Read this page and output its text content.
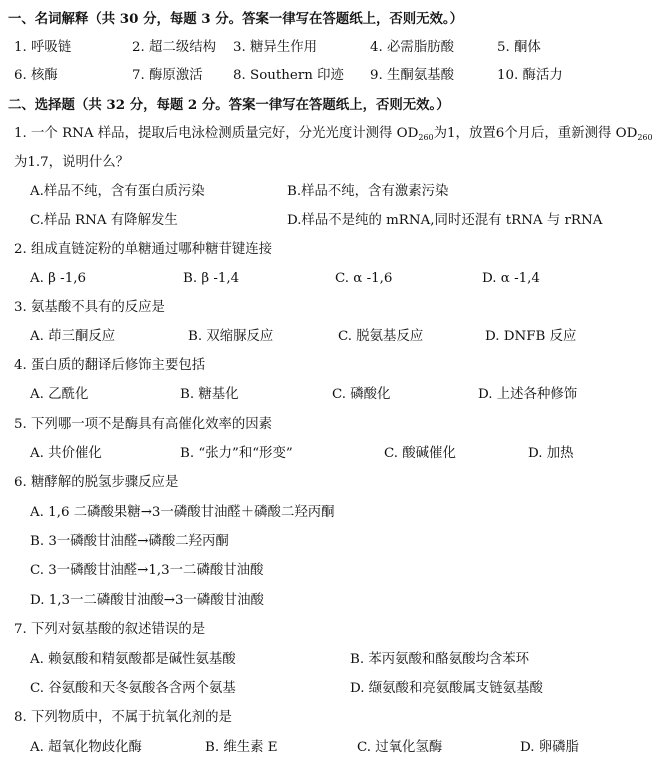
一、名词解释（共 30 分，每题 3 分。答案一律写在答题纸上，否则无效。）
1. 呼吸链	2. 超二级结构 3. 糖异生作用	4. 必需脂肪酸	5. 酮体
6. 核酶	7. 酶原激活 8. Southern 印迹 9. 生酮氨基酸	10. 酶活力
二、选择题（共 32 分，每题 2 分。答案一律写在答题纸上，否则无效。）
1. 一个 RNA 样品，提取后电泳检测质量完好，分光光度计测得 $OD_{260}$为1，放置6个月后，重新测得 $OD_{260}$
为1.7，说明什么？
A.样品不纯，含有蛋白质污染	B.样品不纯，含有激素污染
C.样品 RNA 有降解发生	D.样品不是纯的 mRNA,同时还混有 tRNA 与 rRNA
2. 组成直链淀粉的单糖通过哪种糖苷键连接
A. β -1,6	B. β -1,4	C. α -1,6	D. α -1,4
3. 氨基酸不具有的反应是
A. 茚三酮反应	B. 双缩脲反应	C. 脱氨基反应	D. DNFB 反应
4. 蛋白质的翻译后修饰主要包括
A. 乙酰化	B. 糖基化	C. 磷酸化	D. 上述各种修饰
5. 下列哪一项不是酶具有高催化效率的因素
A. 共价催化	B. “张力”和“形变”	C. 酸碱催化	D. 加热
6. 糖酵解的脱氢步骤反应是
A. 1,6 二磷酸果糖→3一磷酸甘油醛＋磷酸二羟丙酮
B. 3一磷酸甘油醛→磷酸二羟丙酮
C. 3一磷酸甘油醛→1,3一二磷酸甘油酸
D. 1,3一二磷酸甘油酸→3一磷酸甘油酸
7. 下列对氨基酸的叙述错误的是
A. 赖氨酸和精氨酸都是碱性氨基酸	B. 苯丙氨酸和酪氨酸均含苯环
C. 谷氨酸和天冬氨酸各含两个氨基	D. 缬氨酸和亮氨酸属支链氨基酸
8. 下列物质中，不属于抗氧化剂的是
A. 超氧化物歧化酶	B. 维生素 E	C. 过氧化氢酶	D. 卵磷脂
